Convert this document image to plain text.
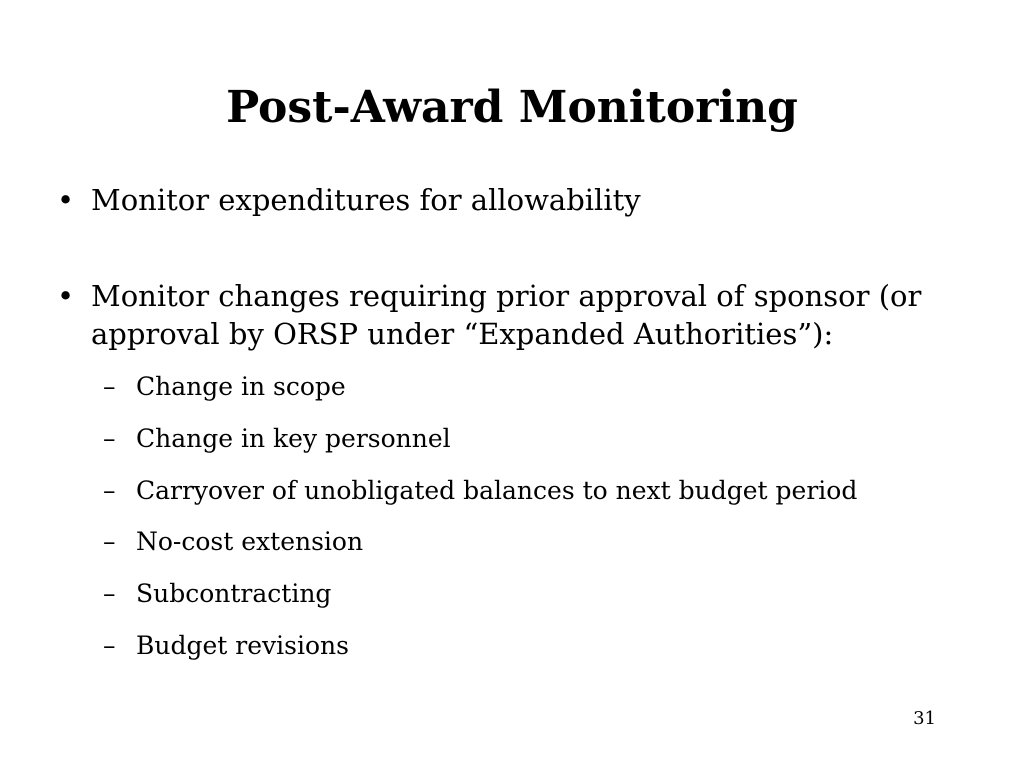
Post-Award Monitoring
• Monitor expenditures for allowability
• Monitor changes requiring prior approval of sponsor (or approval by ORSP under “Expanded Authorities”):
– Change in scope
– Change in key personnel
– Carryover of unobligated balances to next budget period
– No-cost extension
– Subcontracting
– Budget revisions
31
